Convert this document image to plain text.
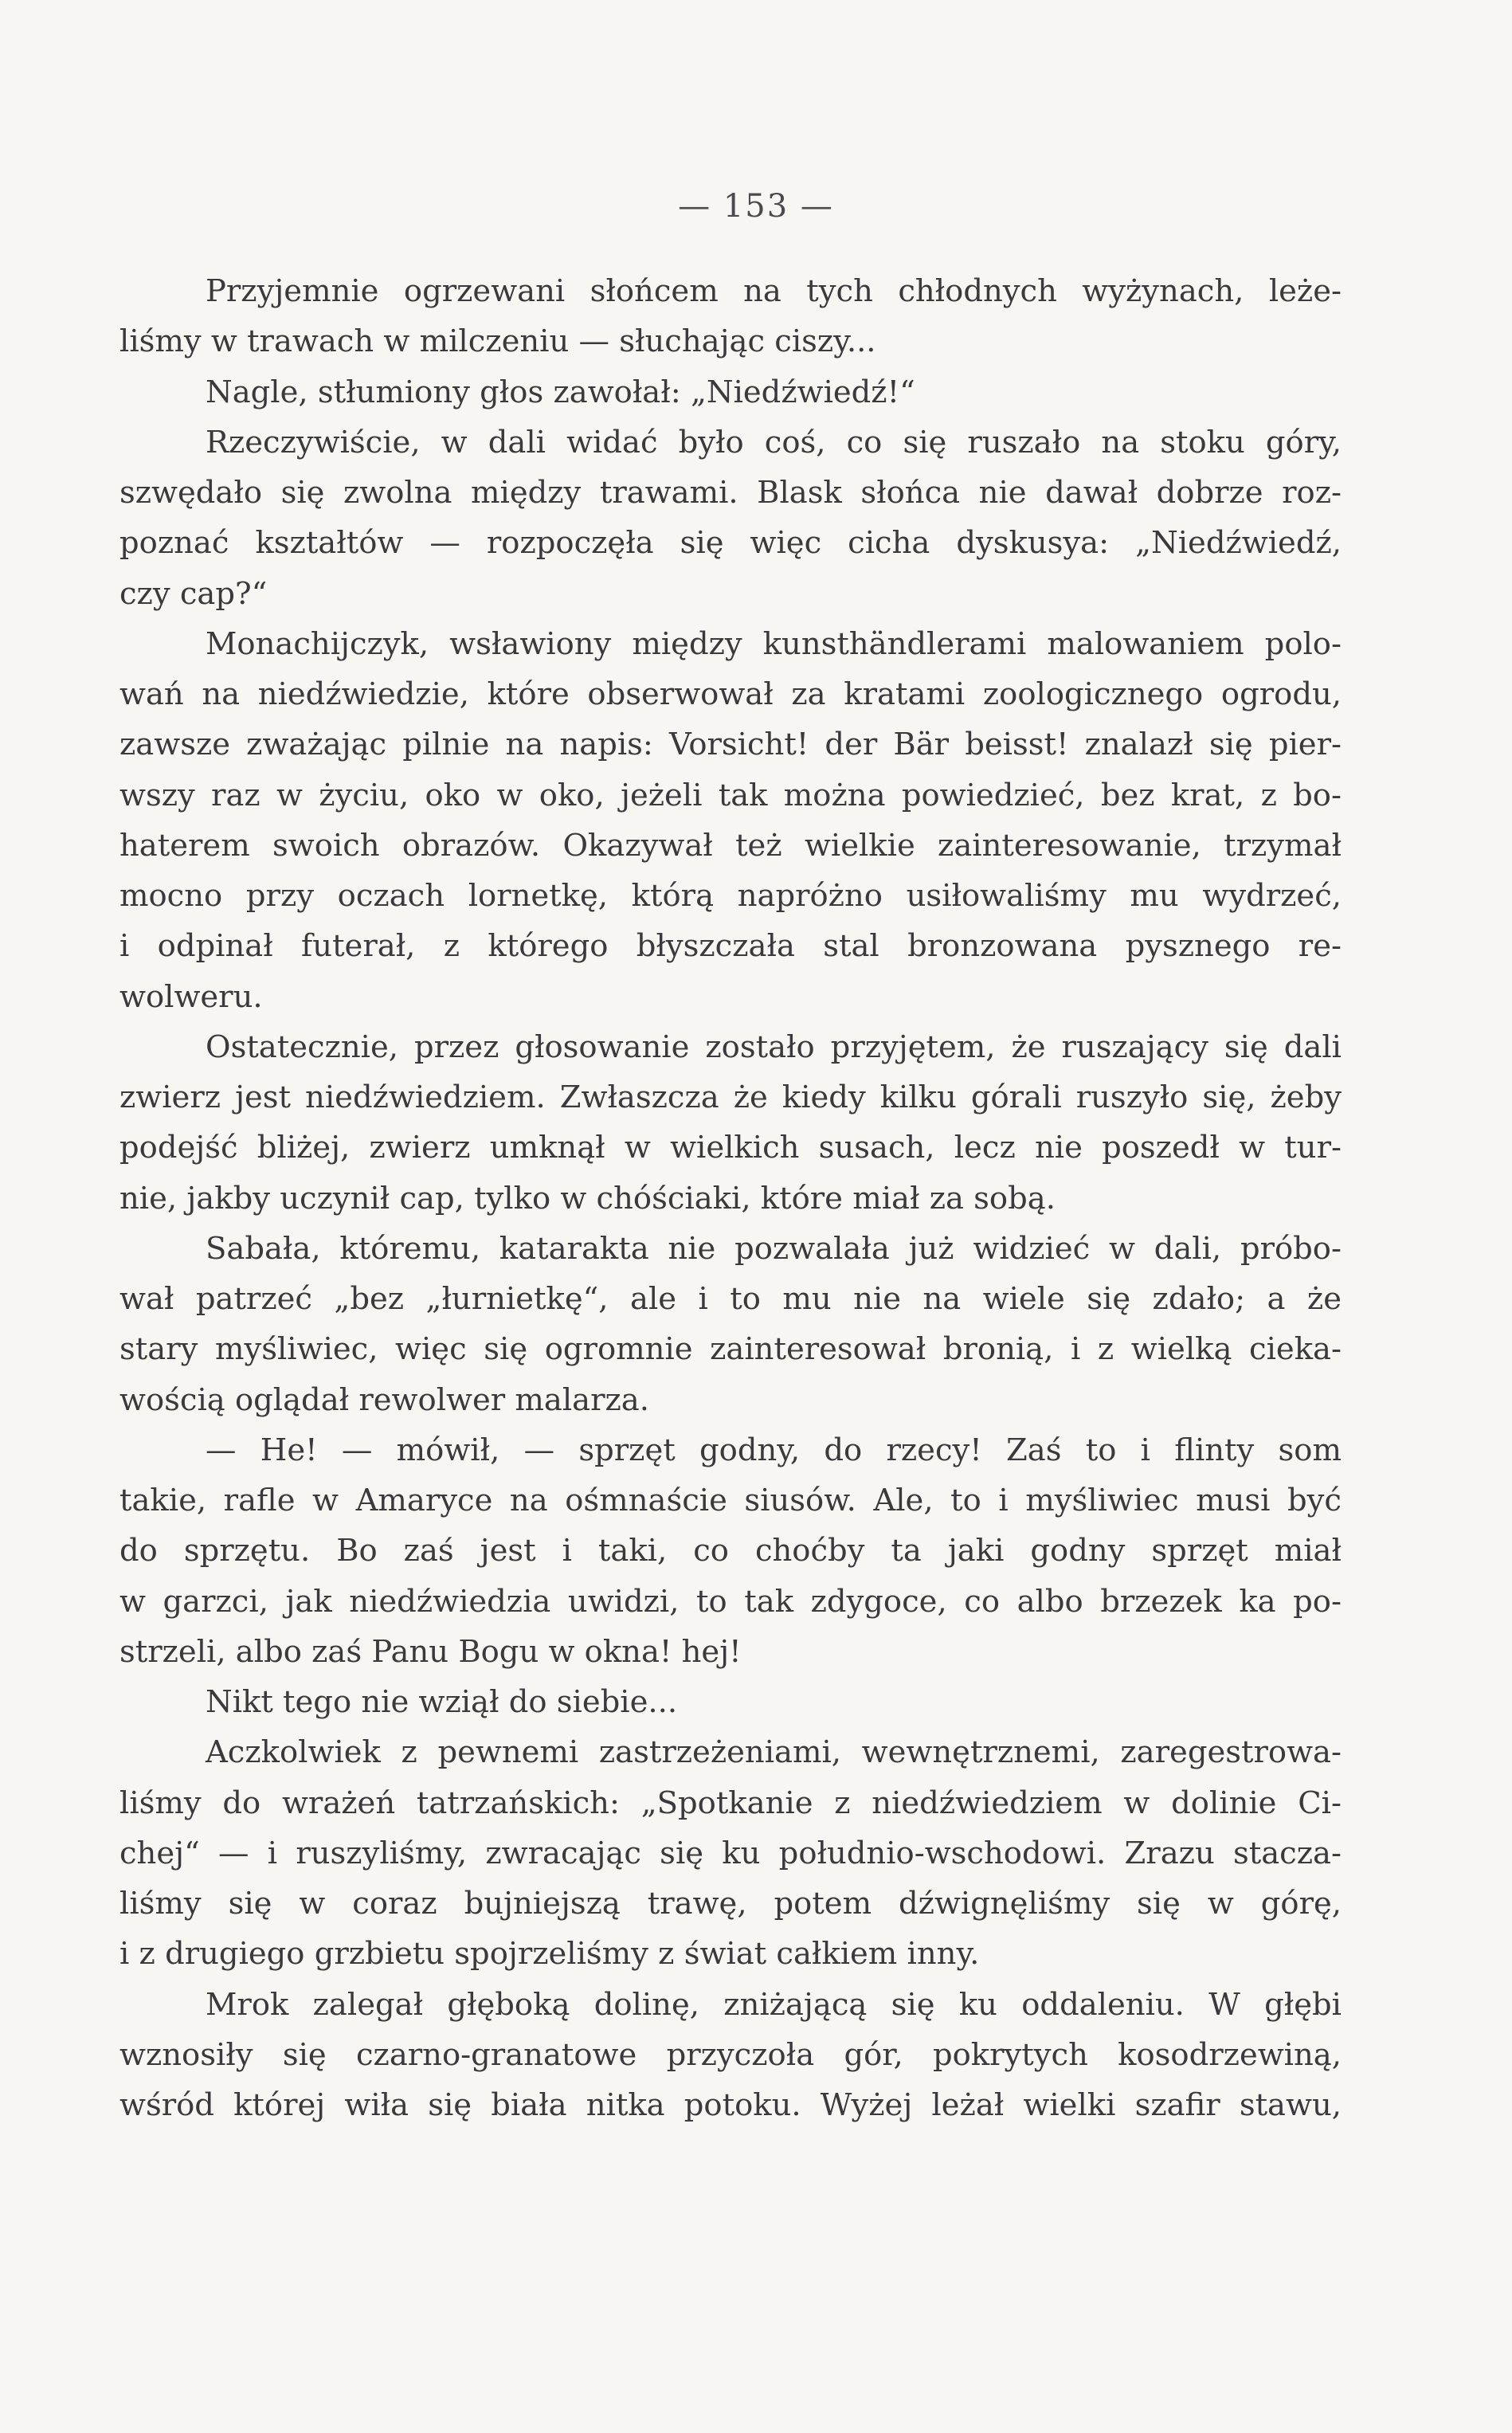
— 153 —
Przyjemnie ogrzewani słońcem na tych chłodnych wyżynach, leże-
liśmy w trawach w milczeniu — słuchając ciszy...
Nagle, stłumiony głos zawołał: „Niedźwiedź!“
Rzeczywiście, w dali widać było coś, co się ruszało na stoku góry,
szwędało się zwolna między trawami. Blask słońca nie dawał dobrze roz-
poznać kształtów — rozpoczęła się więc cicha dyskusya: „Niedźwiedź,
czy cap?“
Monachijczyk, wsławiony między kunsthändlerami malowaniem polo-
wań na niedźwiedzie, które obserwował za kratami zoologicznego ogrodu,
zawsze zważając pilnie na napis: Vorsicht! der Bär beisst! znalazł się pier-
wszy raz w życiu, oko w oko, jeżeli tak można powiedzieć, bez krat, z bo-
haterem swoich obrazów. Okazywał też wielkie zainteresowanie, trzymał
mocno przy oczach lornetkę, którą napróżno usiłowaliśmy mu wydrzeć,
i odpinał futerał, z którego błyszczała stal bronzowana pysznego re-
wolweru.
Ostatecznie, przez głosowanie zostało przyjętem, że ruszający się dali
zwierz jest niedźwiedziem. Zwłaszcza że kiedy kilku górali ruszyło się, żeby
podejść bliżej, zwierz umknął w wielkich susach, lecz nie poszedł w tur-
nie, jakby uczynił cap, tylko w chóściaki, które miał za sobą.
Sabała, któremu, katarakta nie pozwalała już widzieć w dali, próbo-
wał patrzeć „bez „łurnietkę“, ale i to mu nie na wiele się zdało; a że
stary myśliwiec, więc się ogromnie zainteresował bronią, i z wielką cieka-
wością oglądał rewolwer malarza.
— He! — mówił, — sprzęt godny, do rzecy! Zaś to i flinty som
takie, rafle w Amaryce na ośmnaście siusów. Ale, to i myśliwiec musi być
do sprzętu. Bo zaś jest i taki, co choćby ta jaki godny sprzęt miał
w garzci, jak niedźwiedzia uwidzi, to tak zdygoce, co albo brzezek ka po-
strzeli, albo zaś Panu Bogu w okna! hej!
Nikt tego nie wziął do siebie...
Aczkolwiek z pewnemi zastrzeżeniami, wewnętrznemi, zaregestrowa-
liśmy do wrażeń tatrzańskich: „Spotkanie z niedźwiedziem w dolinie Ci-
chej“ — i ruszyliśmy, zwracając się ku południo-wschodowi. Zrazu stacza-
liśmy się w coraz bujniejszą trawę, potem dźwignęliśmy się w górę,
i z drugiego grzbietu spojrzeliśmy z świat całkiem inny.
Mrok zalegał głęboką dolinę, zniżającą się ku oddaleniu. W głębi
wznosiły się czarno-granatowe przyczoła gór, pokrytych kosodrzewiną,
wśród której wiła się biała nitka potoku. Wyżej leżał wielki szafir stawu,
